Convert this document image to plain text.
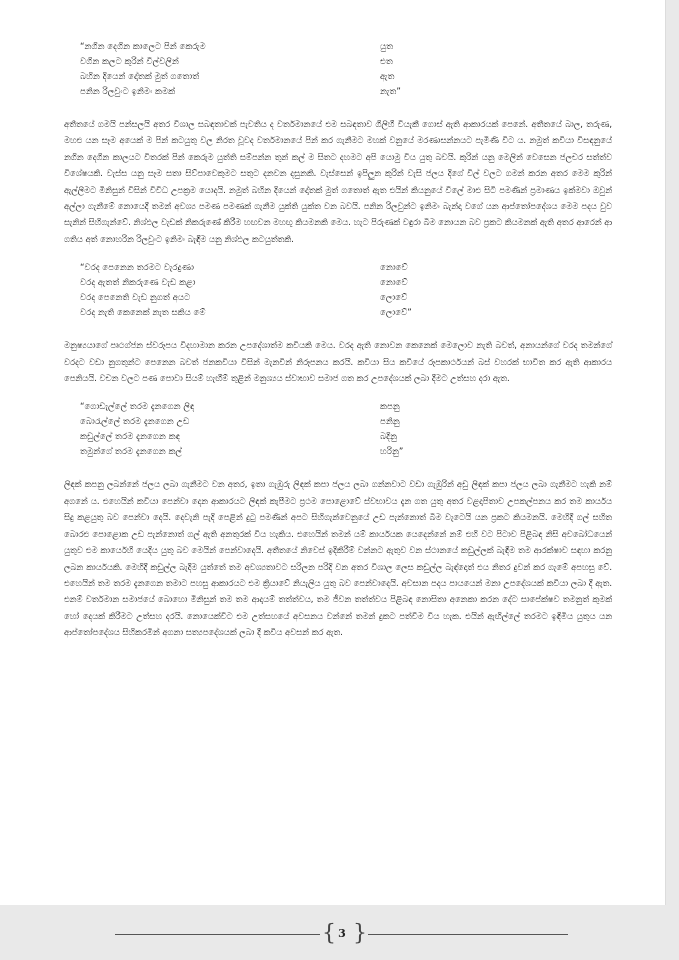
“නගින දෙගින කාලෙට පින් කෙරුම	යුත
වගින කලට කුරින් විල්වලින්	එත
බහින දියෙන් දෝතක් මුත් ගතොත්	ඇත
පනින රිලවුංට ඉනිමං කමක්	නැත”

අතීතයේ ගමයි පන්සලයි අතර විශාල සබඳතාවක් පැවතිය ද වර්තමානයේ එම සබඳතාව ගිලිහී වියැකී ගොස් ඇති ආකාරයක් පෙනේ. අතීතයේ බාල, තරුණ, මහළු යන සෑම අයෙක් ම පින් කටයුතු වල නිරත වූවද වර්තමානයේ පින් කර ගැනීමට මහක් වනුයේ මරණාසන්නයට පැමිණි විට ය. නමුත් කවියා විසඳනුයේ නගින දෙගින කාලයට විතරක් පින් කෙරුම යුත්ති සම්පන්න තුන් කල් ම සිතට දහමට අපි යොමු විය යුතු බවයි. කුරින් යනු මෙලින් වෙසෙන ජලචර සත්ත්ව විශේෂයකි. වැස්ස යනු සෑම සතා සිව්පාවෙකුමට සතුට දනවන දසුනකි. වැස්සෙන් ඉපිලුන කුරින් වැසි ජලය දිගේ විල් වලට ගමන් කරන අතර මෙම කුරින් ඇල්ලීමට මිනිසුන් විසින් විවිධ උපක්‍රම යොදයි. නමුත් බහින දියෙන් දෝතක් මුත් ගතොත් ඇත එයින් කියනුයේ විලේ මාළු සිටි පමණින් ප්‍රමාණය ඉක්මවා ඔවුන් අල්ලා ගැනීමේ නොයෙදී තමන් අවශ්‍ය පමණ පමණක් ගැනීම යුක්ති යුක්ත වන බවයි. පනින රිලවුන්ට ඉනිමං බැන්දා වගේ යන ආප්තෝපදේශය මෙම පදය වුව සැනින් සිහිගැන්වේ. නිශ්ඵල වැඩක් නිකරුණේ කිරීම හඟවන මහඟු කියමනකි මෙය. හැට පිරුණක් වඳුරා බිම නොයන බව ප්‍රකට කියමනක් ඇති අතර ආරෙන් ආ ගතිය අත් නොහරින රිලවුංට ඉනිමං බැඳීම යනු නිශ්ඵල කටයුත්තකි.

“වරද පෙනෙන තරමට වැරදුණා	නොවේ
වරද ඇතත් නිකරුණෙ වැඩ කළා	නොවේ
වරද පෙනෙති වැඩ නුගත් අයට	ලොවේ
වරද නැති කෙනෙක් නැත සකිය මේ	ලොවේ”

මනුෂ්‍යයාගේ පෘථග්ජන ස්වරූපය විදහාමාන කරන උපදේශාත්ම කවියකි මෙය. වරද ඇති නොවන කෙනෙක් මෙලොව නැති බවත්, අනායන්ගේ වරද තමන්ගේ වරදට වඩා නුගතුන්ට පෙනෙන බවත් ජනකවියා විසින් මැනවින් නිරූපනය කරයි. කවියා සිය කවියේ රූපකාර්ථයන් බස් වහරක් භාවිත කර ඇති ආකාරය පෙනියයි. වචන වලට පණ පොවා සියම් හැඟීම් තුළින් මනුශ්‍යය ස්වාභාව සමාජ ගත කර උපදේශයක් ලබා දීමට උත්සහ දරා ඇත.

“ගොඩැල්ලේ තරම දැනගෙන ලිඳ	කපනු
බොරැල්ලේ තරම දැනගෙන උඩ	පනිනු
කඩුල්ලේ තරම දැනගෙන කඳ	බදිනු
තමුන්ගේ තරම දැනගෙන කල්	හරිනු”

ලිඳක් කපනු ලබන්නේ ජලය ලබා ගැනීමට වන අතර, ඉතා ගැඹුරු ලිඳක් කපා ජලය ලබා ගන්නවාට වඩා ගැඹුරින් අඩු ලිඳක් කපා ජලය ලබා ගැනීමට හැකි නම් අගනේ ය. එහෙයින් කවියා පෙන්වා දෙන ආකාරයට ලිඳක් කැපීමට ප්‍රථම පොළොවේ ස්වභාවය දැන ගත යුතු අතර වළදාපිතාව උපකල්පනය කර තම කාර්යය සිදු කළයුතු බව පෙන්වා දෙයි. දෙවැනි පැදි පෙළින් දුටු පමණින් අපට සිහිගැන්වෙනුයේ උඩ පැන්නොත් බිම වැටෙයි යන ප්‍රකට කියමනයි. මෙහිදී ගල් සහිත බොරළු පොළොක උඩ පැන්නොත් ගල් ඇති අනතුරක් විය හැකිය. එහෙයින් තමන් යම් කාර්යයක යෙදෙන්නේ නම් එහි වට පිටාව පිළිබඳ නිසි අවබෝධයෙන් යුතුව එම කාර්යෙහි යෙදිය යුතු බව මෙයින් පෙන්වාදෙයි. අතීතයේ නිවෙස් ඉදිකිරීම් වන්නට ඇතුව වන ස්ථානයේ කඩුල්ලක් බැඳීම තම ආරක්ෂාව සඳහා කරනු ලබන කාර්යයකි. මෙහිදී කඩුල්ල බැදීම යුත්තේ තම අවශ්‍යතාවට සරිලන පරිදි වන අතර විශාල ලෙස කඩුල්ල බැඳ්දොත් එය නිතර දුවන් කර ගැමේ අපහසු වේ. එහෙයින් තම තරම දැනගෙන තමාට පහසු ආකාරයට එම ක්‍රියාවේ නියැලිය යුතු බව පෙන්වාදෙයි. අවසාන පදය පායයෙන් මනා උපදේශයක් කවියා ලබා දී ඇත. එනම් වර්තමාන සමාජයේ බොහො මිනිසුන් තම තම ආදායම් තත්ත්වය, තම ජීවන තත්ත්වය පිළිබඳ නොසිතා අනෙකා කරන දේට සාපේක්ෂව තමනුත් කුමක් හෝ දෙයක් කිරීමට උත්සහ දරයි. නොයෙක්විට එම උත්සහයේ අවසනය වන්නේ තමන් දුකට පත්වීම විය හැක. එයින් ඇඟිල්ලේ තරමට ඉඳිමිය යුතුය යන ආප්තෝපදේශය සිහිකරමින් අගනා සත්‍යපදේශයක් ලබා දී කවිය අවසන් කර ඇත.

{ 3 }
